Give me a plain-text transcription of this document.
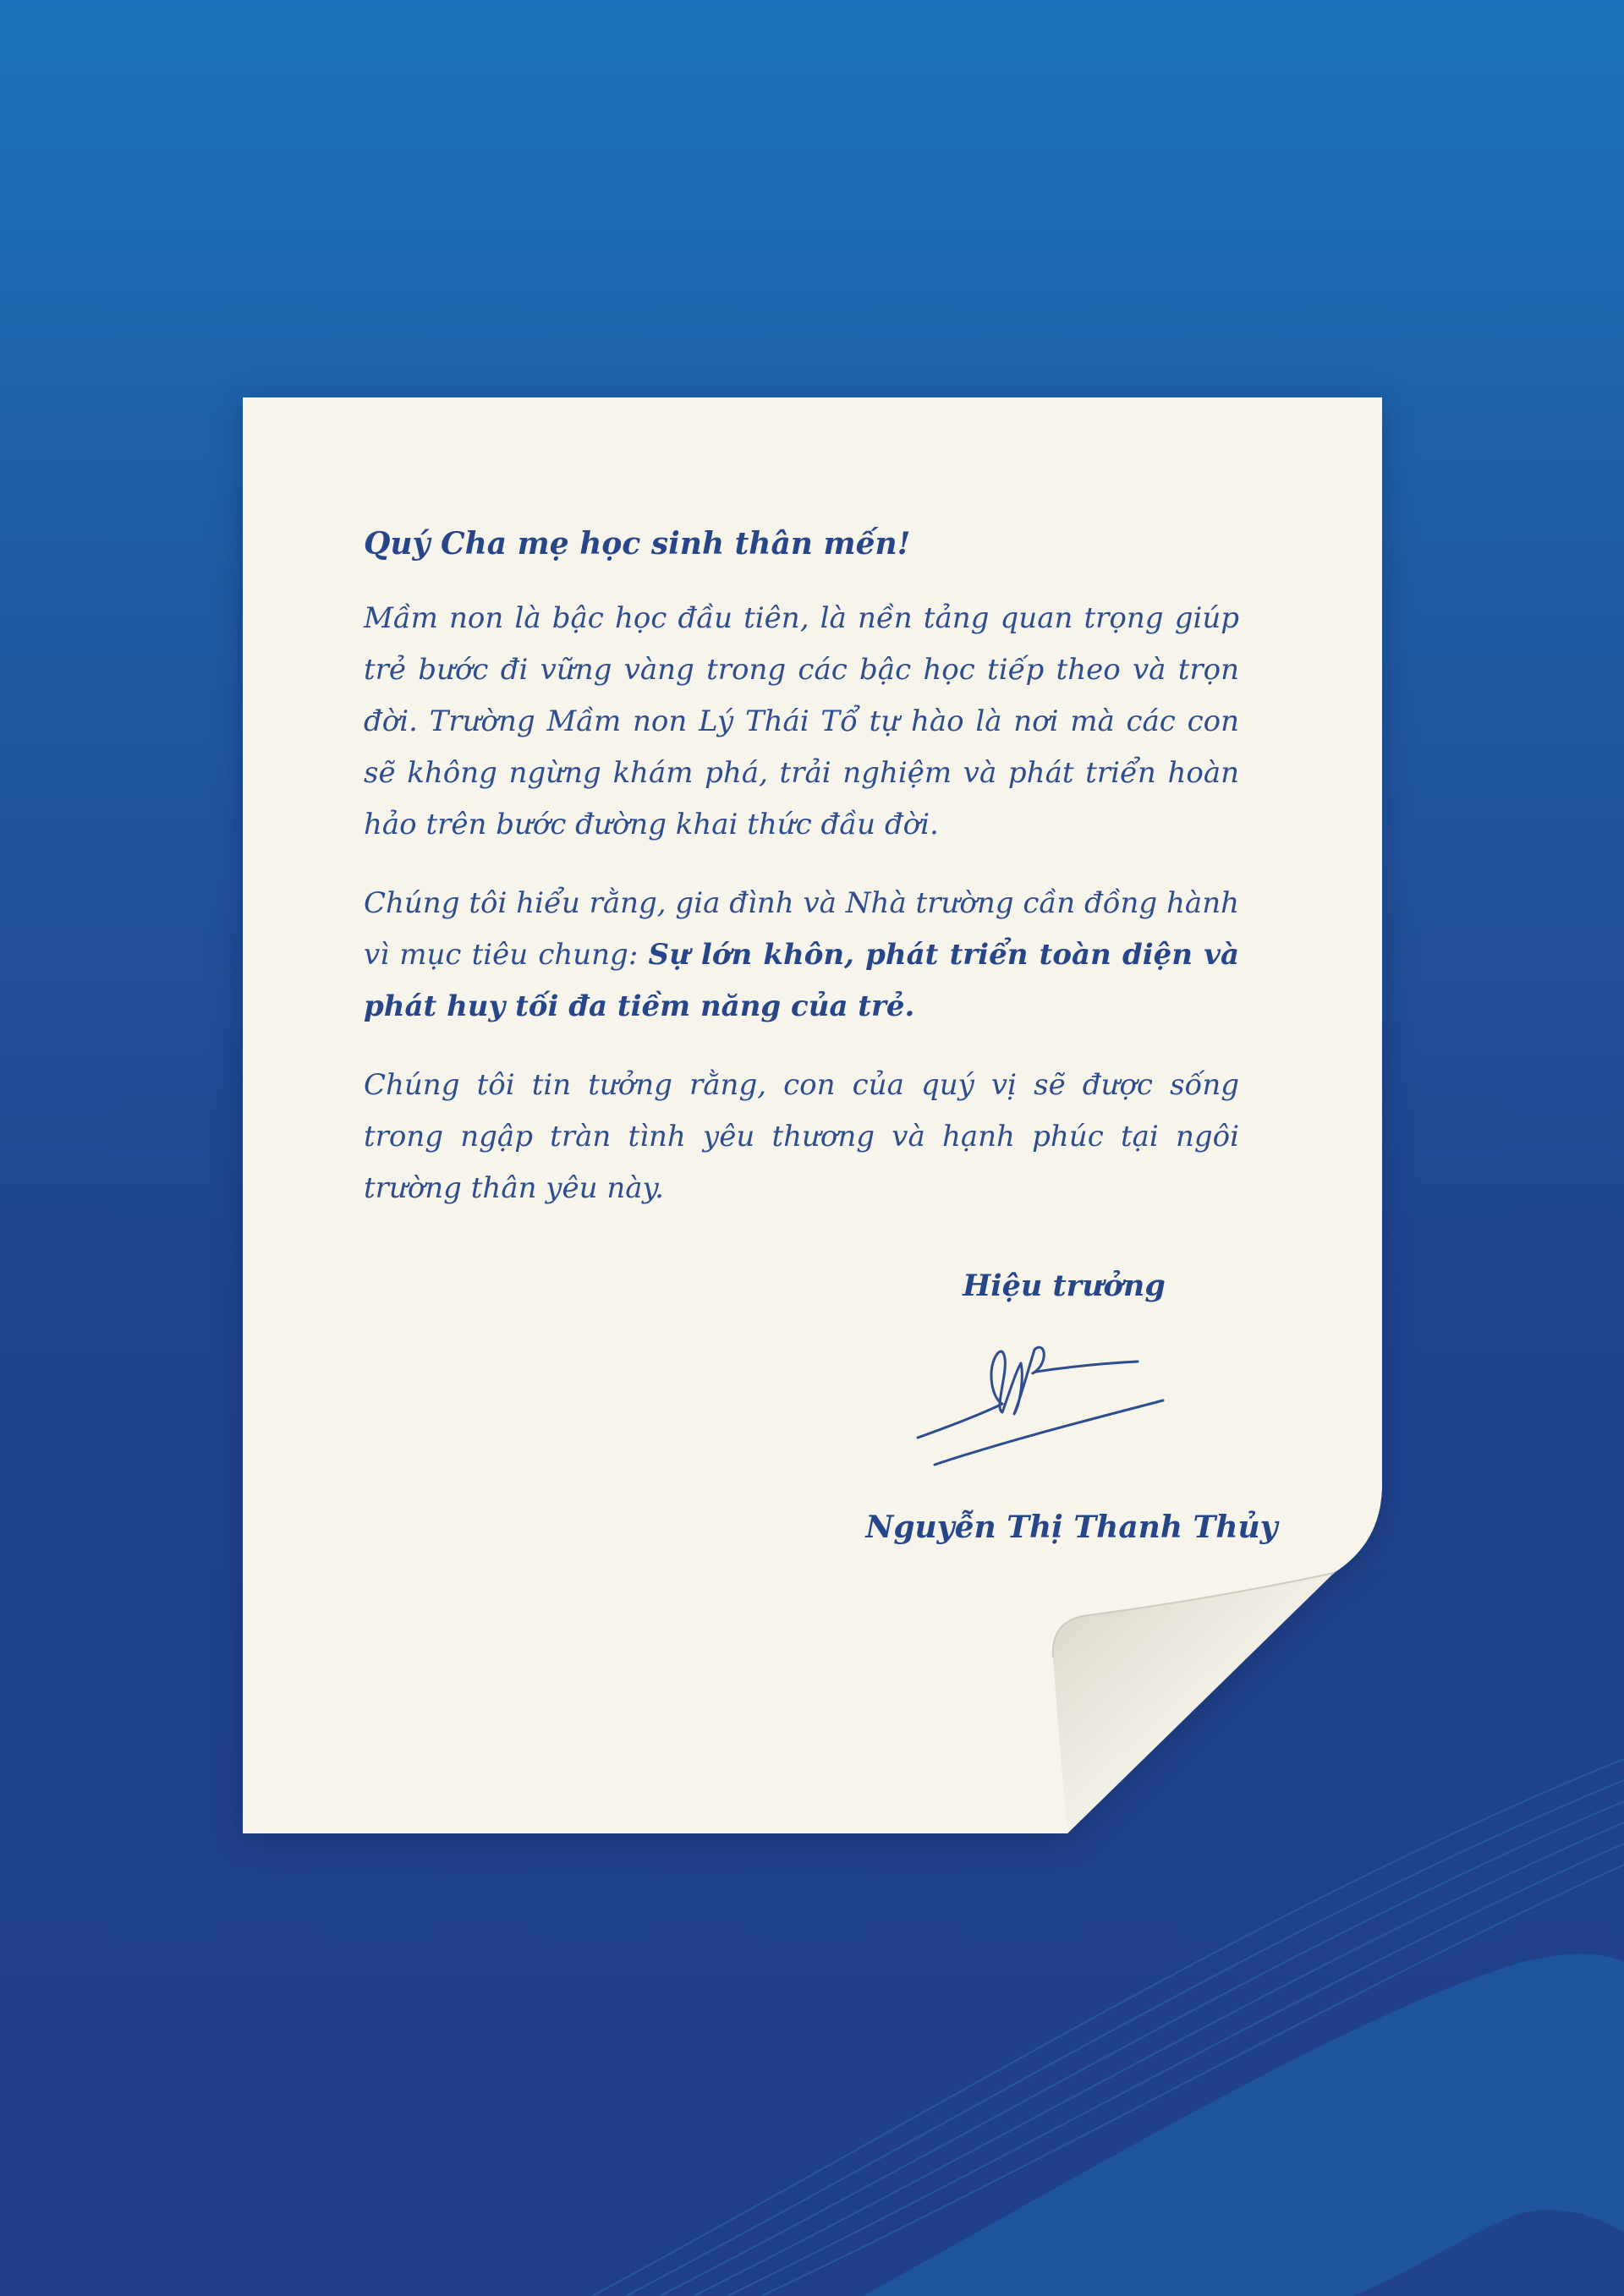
Quý Cha mẹ học sinh thân mến!

Mầm non là bậc học đầu tiên, là nền tảng quan trọng giúp trẻ bước đi vững vàng trong các bậc học tiếp theo và trọn đời. Trường Mầm non Lý Thái Tổ tự hào là nơi mà các con sẽ không ngừng khám phá, trải nghiệm và phát triển hoàn hảo trên bước đường khai thức đầu đời.

Chúng tôi hiểu rằng, gia đình và Nhà trường cần đồng hành vì mục tiêu chung: Sự lớn khôn, phát triển toàn diện và phát huy tối đa tiềm năng của trẻ.

Chúng tôi tin tưởng rằng, con của quý vị sẽ được sống trong ngập tràn tình yêu thương và hạnh phúc tại ngôi trường thân yêu này.

Hiệu trưởng
Nguyễn Thị Thanh Thủy
